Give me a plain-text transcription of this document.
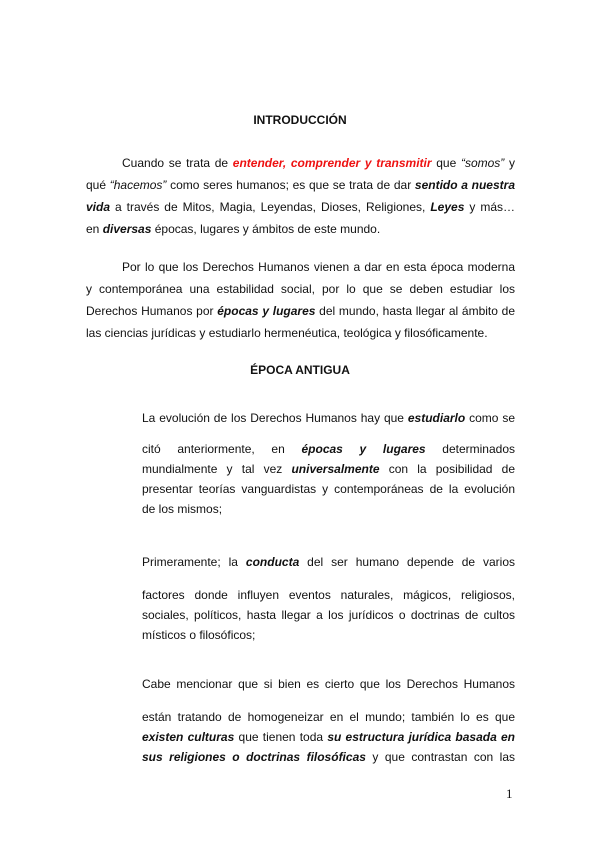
INTRODUCCIÓN
Cuando se trata de entender, comprender y transmitir que “somos” y
qué “hacemos” como seres humanos; es que se trata de dar sentido a nuestra
vida a través de Mitos, Magia, Leyendas, Dioses, Religiones, Leyes y más…
en diversas épocas, lugares y ámbitos de este mundo.
Por lo que los Derechos Humanos vienen a dar en esta época moderna
y contemporánea una estabilidad social, por lo que se deben estudiar los
Derechos Humanos por épocas y lugares del mundo, hasta llegar al ámbito de
las ciencias jurídicas y estudiarlo hermenéutica, teológica y filosóficamente.
ÉPOCA ANTIGUA
La evolución de los Derechos Humanos hay que estudiarlo como se
citó anteriormente, en épocas y lugares determinados
mundialmente y tal vez universalmente con la posibilidad de
presentar teorías vanguardistas y contemporáneas de la evolución
de los mismos;
Primeramente; la conducta del ser humano depende de varios
factores donde influyen eventos naturales, mágicos, religiosos,
sociales, políticos, hasta llegar a los jurídicos o doctrinas de cultos
místicos o filosóficos;
Cabe mencionar que si bien es cierto que los Derechos Humanos
están tratando de homogeneizar en el mundo; también lo es que
existen culturas que tienen toda su estructura jurídica basada en
sus religiones o doctrinas filosóficas y que contrastan con las
1
